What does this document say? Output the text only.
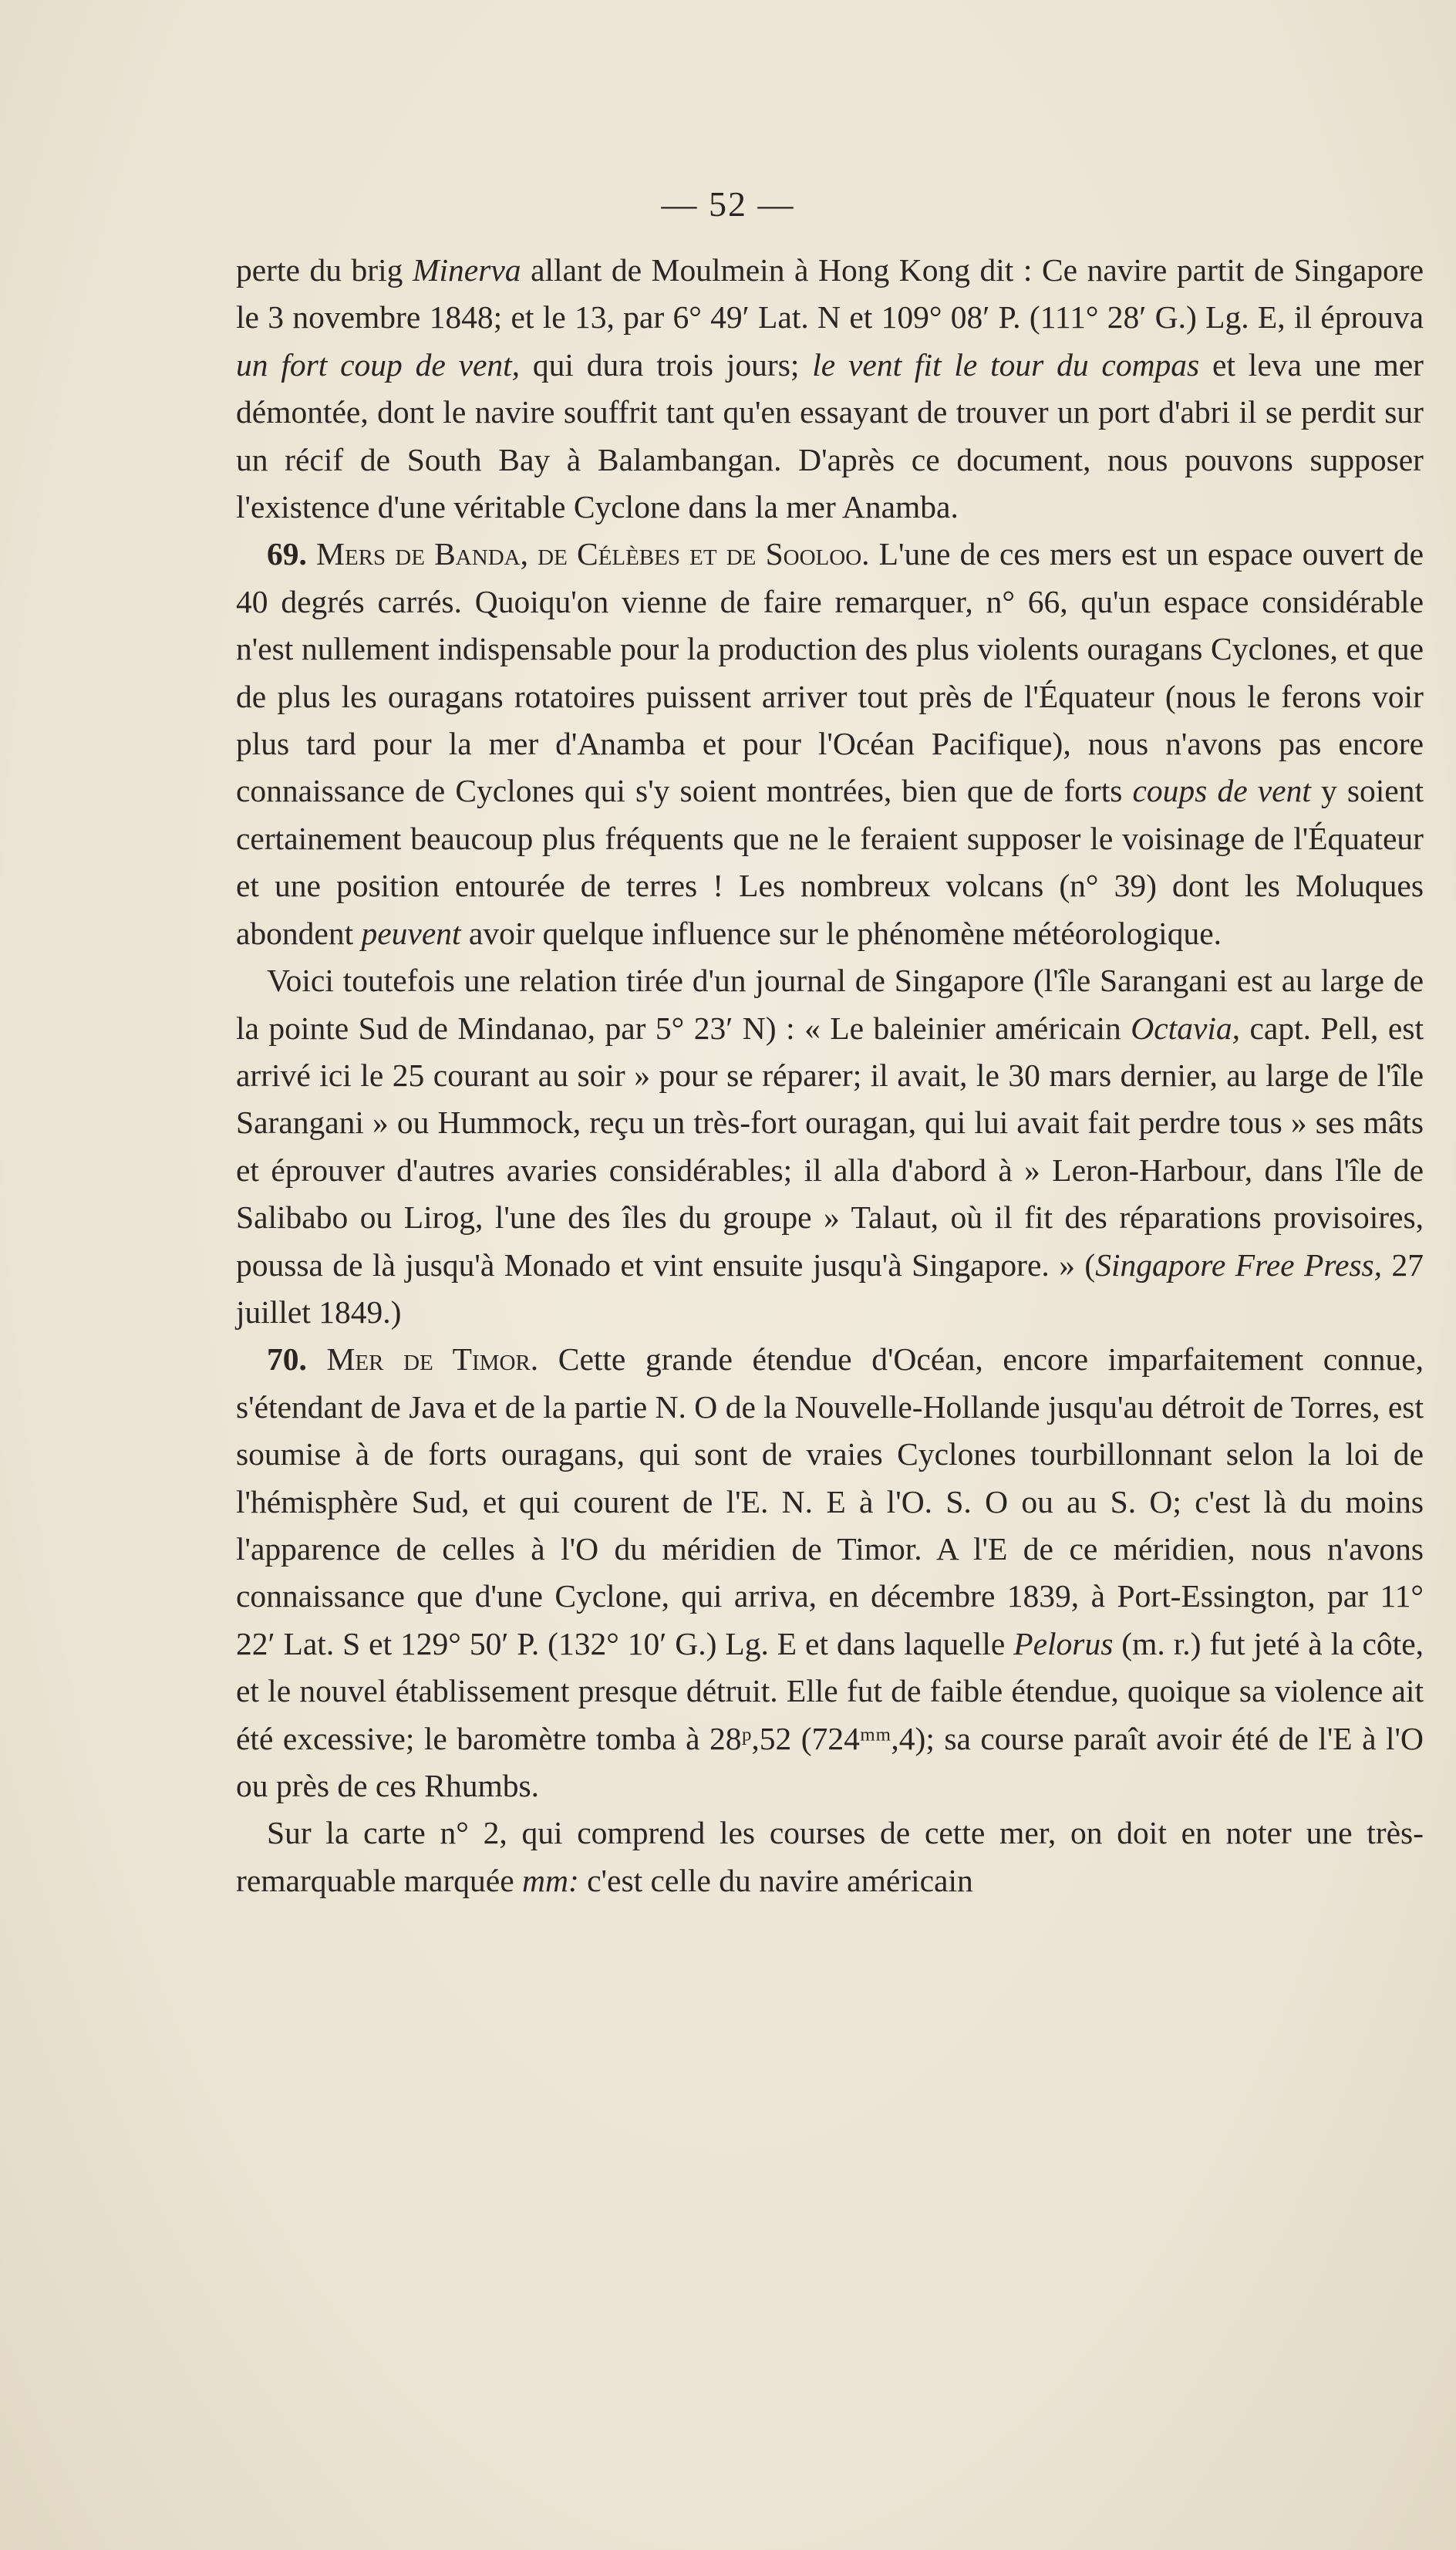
— 52 —

perte du brig Minerva allant de Moulmein à Hong Kong dit : Ce navire partit de Singapore le 3 novembre 1848; et le 13, par 6° 49′ Lat. N et 109° 08′ P. (111° 28′ G.) Lg. E, il éprouva un fort coup de vent, qui dura trois jours; le vent fit le tour du compas et leva une mer démontée, dont le navire souffrit tant qu'en essayant de trouver un port d'abri il se perdit sur un récif de South Bay à Balambangan. D'après ce document, nous pouvons supposer l'existence d'une véritable Cyclone dans la mer Anamba.

69. Mers de Banda, de Célèbes et de Sooloo. L'une de ces mers est un espace ouvert de 40 degrés carrés. Quoiqu'on vienne de faire remarquer, n° 66, qu'un espace considérable n'est nullement indispensable pour la production des plus violents ouragans Cyclones, et que de plus les ouragans rotatoires puissent arriver tout près de l'Équateur (nous le ferons voir plus tard pour la mer d'Anamba et pour l'Océan Pacifique), nous n'avons pas encore connaissance de Cyclones qui s'y soient montrées, bien que de forts coups de vent y soient certainement beaucoup plus fréquents que ne le feraient supposer le voisinage de l'Équateur et une position entourée de terres ! Les nombreux volcans (n° 39) dont les Moluques abondent peuvent avoir quelque influence sur le phénomène météorologique.

Voici toutefois une relation tirée d'un journal de Singapore (l'île Sarangani est au large de la pointe Sud de Mindanao, par 5° 23′ N) : « Le baleinier américain Octavia, capt. Pell, est arrivé ici le 25 courant au soir » pour se réparer; il avait, le 30 mars dernier, au large de l'île Sarangani » ou Hummock, reçu un très-fort ouragan, qui lui avait fait perdre tous » ses mâts et éprouver d'autres avaries considérables; il alla d'abord à » Leron-Harbour, dans l'île de Salibabo ou Lirog, l'une des îles du groupe » Talaut, où il fit des réparations provisoires, poussa de là jusqu'à Monado et vint ensuite jusqu'à Singapore. » (Singapore Free Press, 27 juillet 1849.)

70. Mer de Timor. Cette grande étendue d'Océan, encore imparfaitement connue, s'étendant de Java et de la partie N. O de la Nouvelle-Hollande jusqu'au détroit de Torres, est soumise à de forts ouragans, qui sont de vraies Cyclones tourbillonnant selon la loi de l'hémisphère Sud, et qui courent de l'E. N. E à l'O. S. O ou au S. O; c'est là du moins l'apparence de celles à l'O du méridien de Timor. A l'E de ce méridien, nous n'avons connaissance que d'une Cyclone, qui arriva, en décembre 1839, à Port-Essington, par 11° 22′ Lat. S et 129° 50′ P. (132° 10′ G.) Lg. E et dans laquelle Pelorus (m. r.) fut jeté à la côte, et le nouvel établissement presque détruit. Elle fut de faible étendue, quoique sa violence ait été excessive; le baromètre tomba à 28ᵖ,52 (724ᵐᵐ,4); sa course paraît avoir été de l'E à l'O ou près de ces Rhumbs.

Sur la carte n° 2, qui comprend les courses de cette mer, on doit en noter une très-remarquable marquée mm: c'est celle du navire américain
